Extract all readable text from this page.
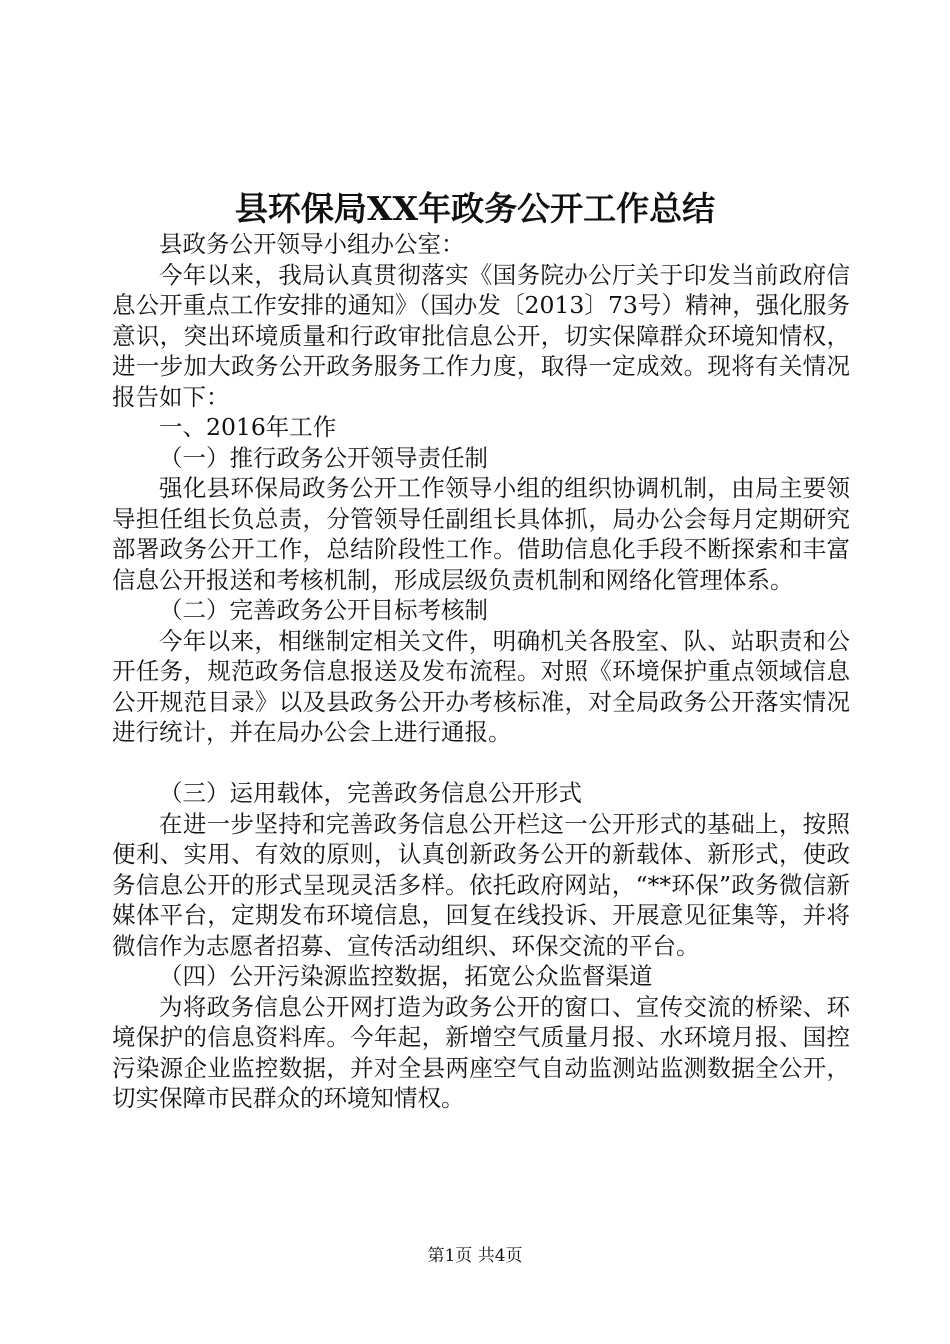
县环保局XX年政务公开工作总结

县政务公开领导小组办公室：

今年以来，我局认真贯彻落实《国务院办公厅关于印发当前政府信息公开重点工作安排的通知》（国办发〔2013〕73号）精神，强化服务意识，突出环境质量和行政审批信息公开，切实保障群众环境知情权，进一步加大政务公开政务服务工作力度，取得一定成效。现将有关情况报告如下：

一、2016年工作

（一）推行政务公开领导责任制

强化县环保局政务公开工作领导小组的组织协调机制，由局主要领导担任组长负总责，分管领导任副组长具体抓，局办公会每月定期研究部署政务公开工作，总结阶段性工作。借助信息化手段不断探索和丰富信息公开报送和考核机制，形成层级负责机制和网络化管理体系。

（二）完善政务公开目标考核制

今年以来，相继制定相关文件，明确机关各股室、队、站职责和公开任务，规范政务信息报送及发布流程。对照《环境保护重点领域信息公开规范目录》以及县政务公开办考核标准，对全局政务公开落实情况进行统计，并在局办公会上进行通报。

（三）运用载体，完善政务信息公开形式

在进一步坚持和完善政务信息公开栏这一公开形式的基础上，按照便利、实用、有效的原则，认真创新政务公开的新载体、新形式，使政务信息公开的形式呈现灵活多样。依托政府网站，“**环保”政务微信新媒体平台，定期发布环境信息，回复在线投诉、开展意见征集等，并将微信作为志愿者招募、宣传活动组织、环保交流的平台。

（四）公开污染源监控数据，拓宽公众监督渠道

为将政务信息公开网打造为政务公开的窗口、宣传交流的桥梁、环境保护的信息资料库。今年起，新增空气质量月报、水环境月报、国控污染源企业监控数据，并对全县两座空气自动监测站监测数据全公开，切实保障市民群众的环境知情权。

第1页 共4页
